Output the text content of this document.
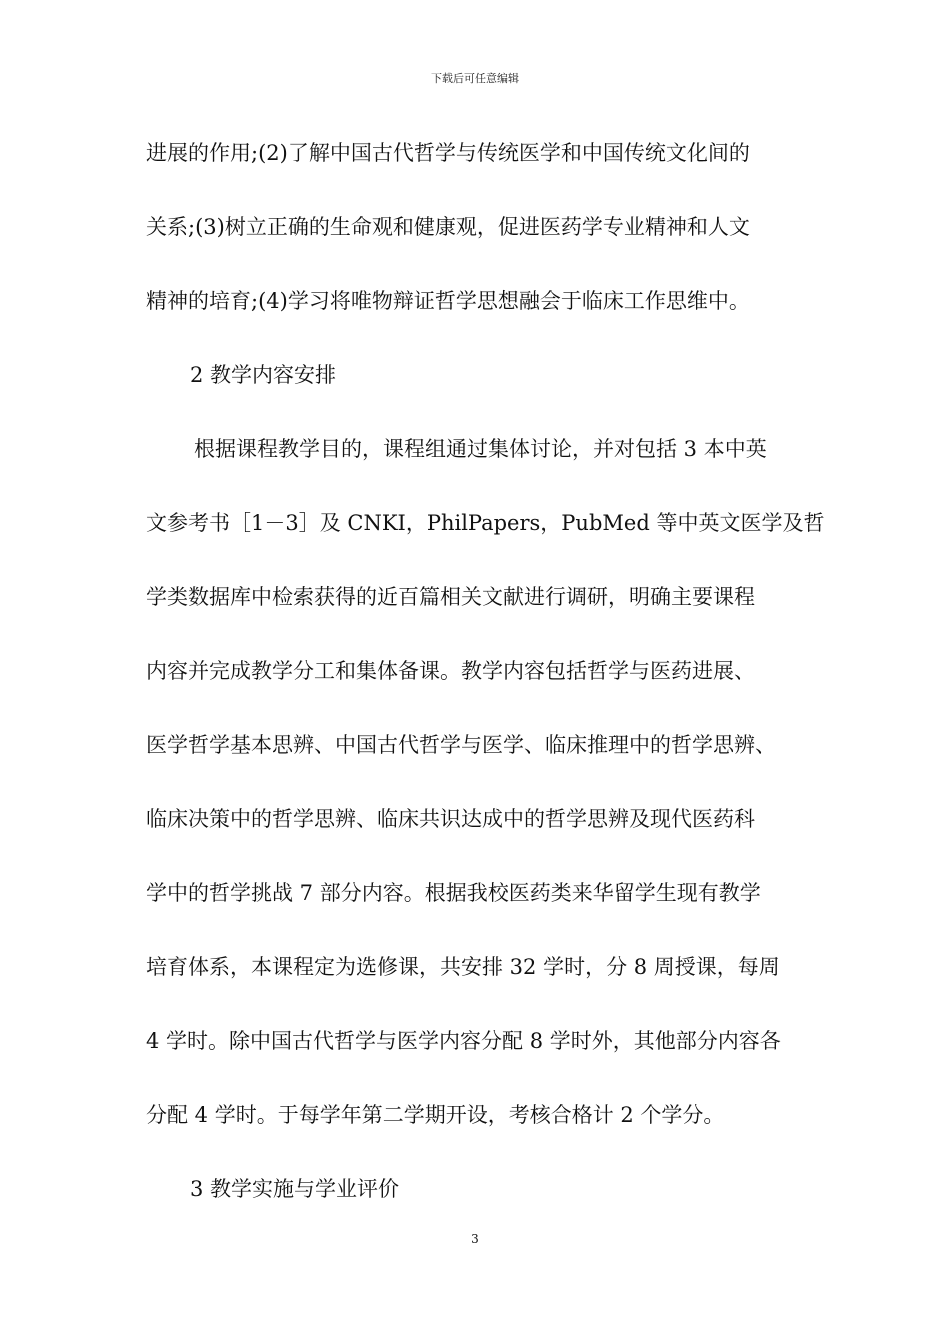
下载后可任意编辑
进展的作用;(2)了解中国古代哲学与传统医学和中国传统文化间的
关系;(3)树立正确的生命观和健康观，促进医药学专业精神和人文
精神的培育;(4)学习将唯物辩证哲学思想融会于临床工作思维中。
2 教学内容安排
根据课程教学目的，课程组通过集体讨论，并对包括 3 本中英
文参考书［1－3］及 CNKI，PhilPapers，PubMed 等中英文医学及哲
学类数据库中检索获得的近百篇相关文献进行调研，明确主要课程
内容并完成教学分工和集体备课。教学内容包括哲学与医药进展、
医学哲学基本思辨、中国古代哲学与医学、临床推理中的哲学思辨、
临床决策中的哲学思辨、临床共识达成中的哲学思辨及现代医药科
学中的哲学挑战 7 部分内容。根据我校医药类来华留学生现有教学
培育体系，本课程定为选修课，共安排 32 学时，分 8 周授课，每周
4 学时。除中国古代哲学与医学内容分配 8 学时外，其他部分内容各
分配 4 学时。于每学年第二学期开设，考核合格计 2 个学分。
3 教学实施与学业评价
3
